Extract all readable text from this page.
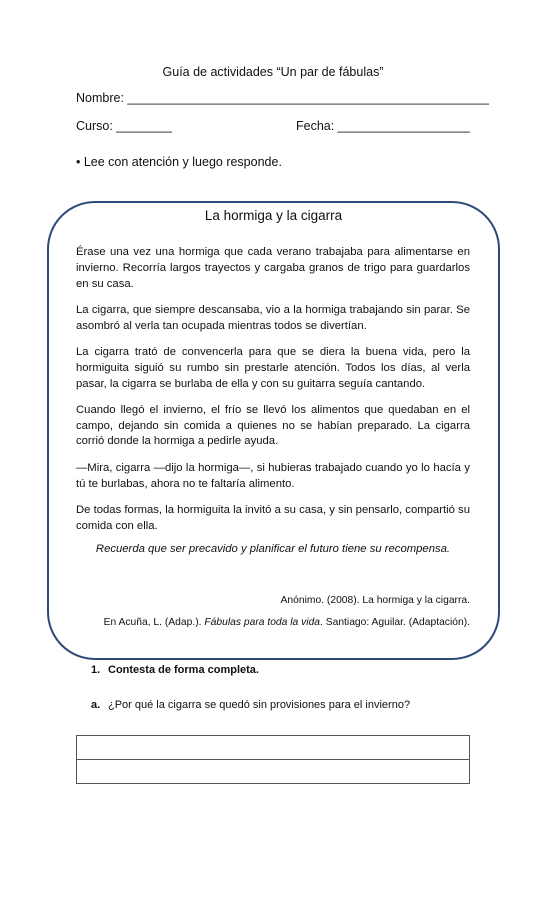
Guía de actividades “Un par de fábulas”
Nombre: ____________________________________________________
Curso: ________	Fecha: ___________________
• Lee con atención y luego responde.
La hormiga y la cigarra

Érase una vez una hormiga que cada verano trabajaba para alimentarse en invierno. Recorría largos trayectos y cargaba granos de trigo para guardarlos en su casa.

La cigarra, que siempre descansaba, vio a la hormiga trabajando sin parar. Se asombró al verla tan ocupada mientras todos se divertían.

La cigarra trató de convencerla para que se diera la buena vida, pero la hormiguita siguió su rumbo sin prestarle atención. Todos los días, al verla pasar, la cigarra se burlaba de ella y con su guitarra seguía cantando.

Cuando llegó el invierno, el frío se llevó los alimentos que quedaban en el campo, dejando sin comida a quienes no se habían preparado. La cigarra corrió donde la hormiga a pedirle ayuda.

—Mira, cigarra —dijo la hormiga—, si hubieras trabajado cuando yo lo hacía y tú te burlabas, ahora no te faltaría alimento.

De todas formas, la hormiguita la invitó a su casa, y sin pensarlo, compartió su comida con ella.

Recuerda que ser precavido y planificar el futuro tiene su recompensa.
Anónimo. (2008). La hormiga y la cigarra.
En Acuña, L. (Adap.). Fábulas para toda la vida. Santiago: Aguilar. (Adaptación).
1. Contesta de forma completa.
a. ¿Por qué la cigarra se quedó sin provisiones para el invierno?
